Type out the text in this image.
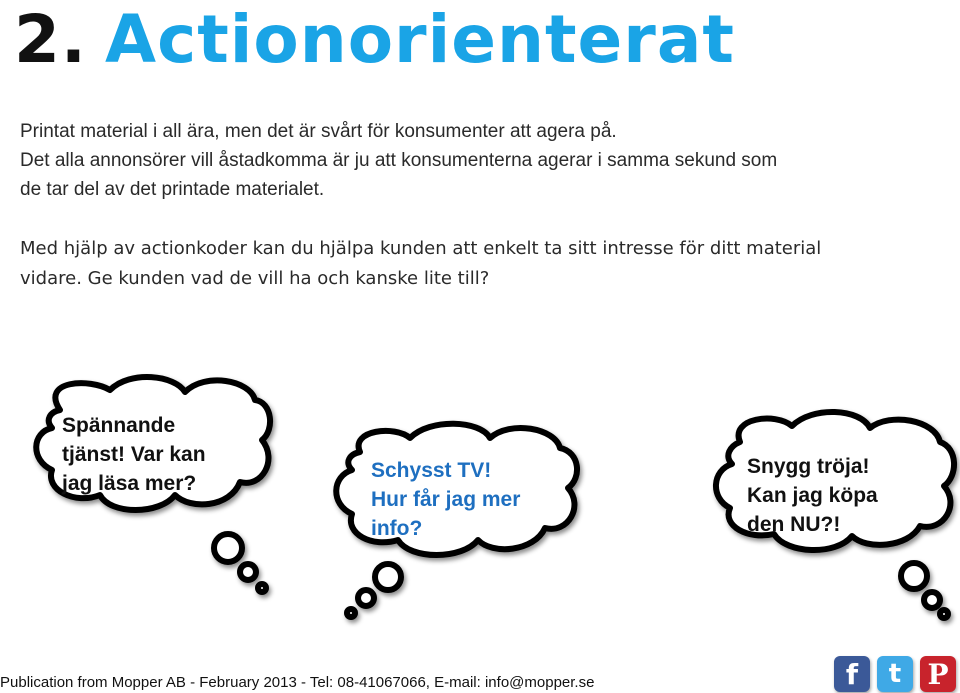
2. Actionorienterat

Printat material i all ära, men det är svårt för konsumenter att agera på.
Det alla annonsörer vill åstadkomma är ju att konsumenterna agerar i samma sekund som
de tar del av det printade materialet.

Med hjälp av actionkoder kan du hjälpa kunden att enkelt ta sitt intresse för ditt material
vidare. Ge kunden vad de vill ha och kanske lite till?

Spännande
tjänst! Var kan
jag läsa mer?
Schysst TV!
Hur får jag mer
info?
Snygg tröja!
Kan jag köpa
den NU?!
Publication from Mopper AB - February 2013 - Tel: 08-41067066, E-mail: info@mopper.se	f t P
